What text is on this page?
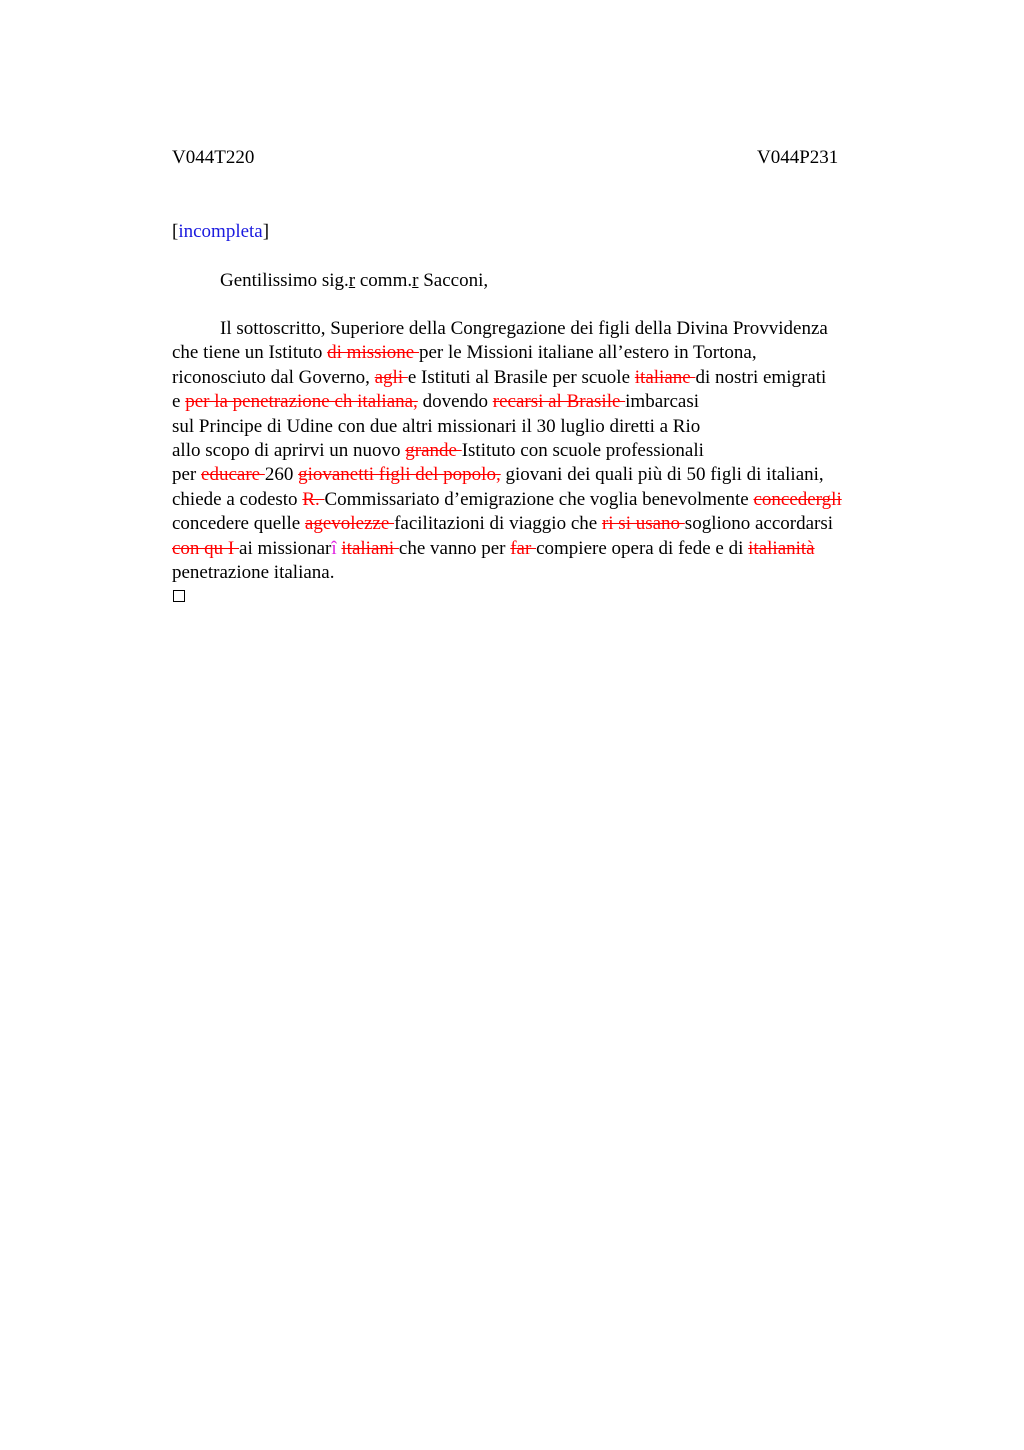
V044T220	V044P231
[incompleta]
Gentilissimo sig.r comm.r Sacconi,
Il sottoscritto, Superiore della Congregazione dei figli della Divina Provvidenza
che tiene un Istituto di missione per le Missioni italiane all’estero in Tortona,
riconosciuto dal Governo, agli e Istituti al Brasile per scuole italiane di nostri emigrati
e per la penetrazione ch italiana, dovendo recarsi al Brasile imbarcasi
sul Principe di Udine con due altri missionari il 30 luglio diretti a Rio
allo scopo di aprirvi un nuovo grande Istituto con scuole professionali
per educare 260 giovanetti figli del popolo, giovani dei quali più di 50 figli di italiani,
chiede a codesto R. Commissariato d’emigrazione che voglia benevolmente concedergli
concedere quelle agevolezze facilitazioni di viaggio che ri si usano sogliono accordarsi
con qu I ai missionarî italiani che vanno per far compiere opera di fede e di italianità
penetrazione italiana.
